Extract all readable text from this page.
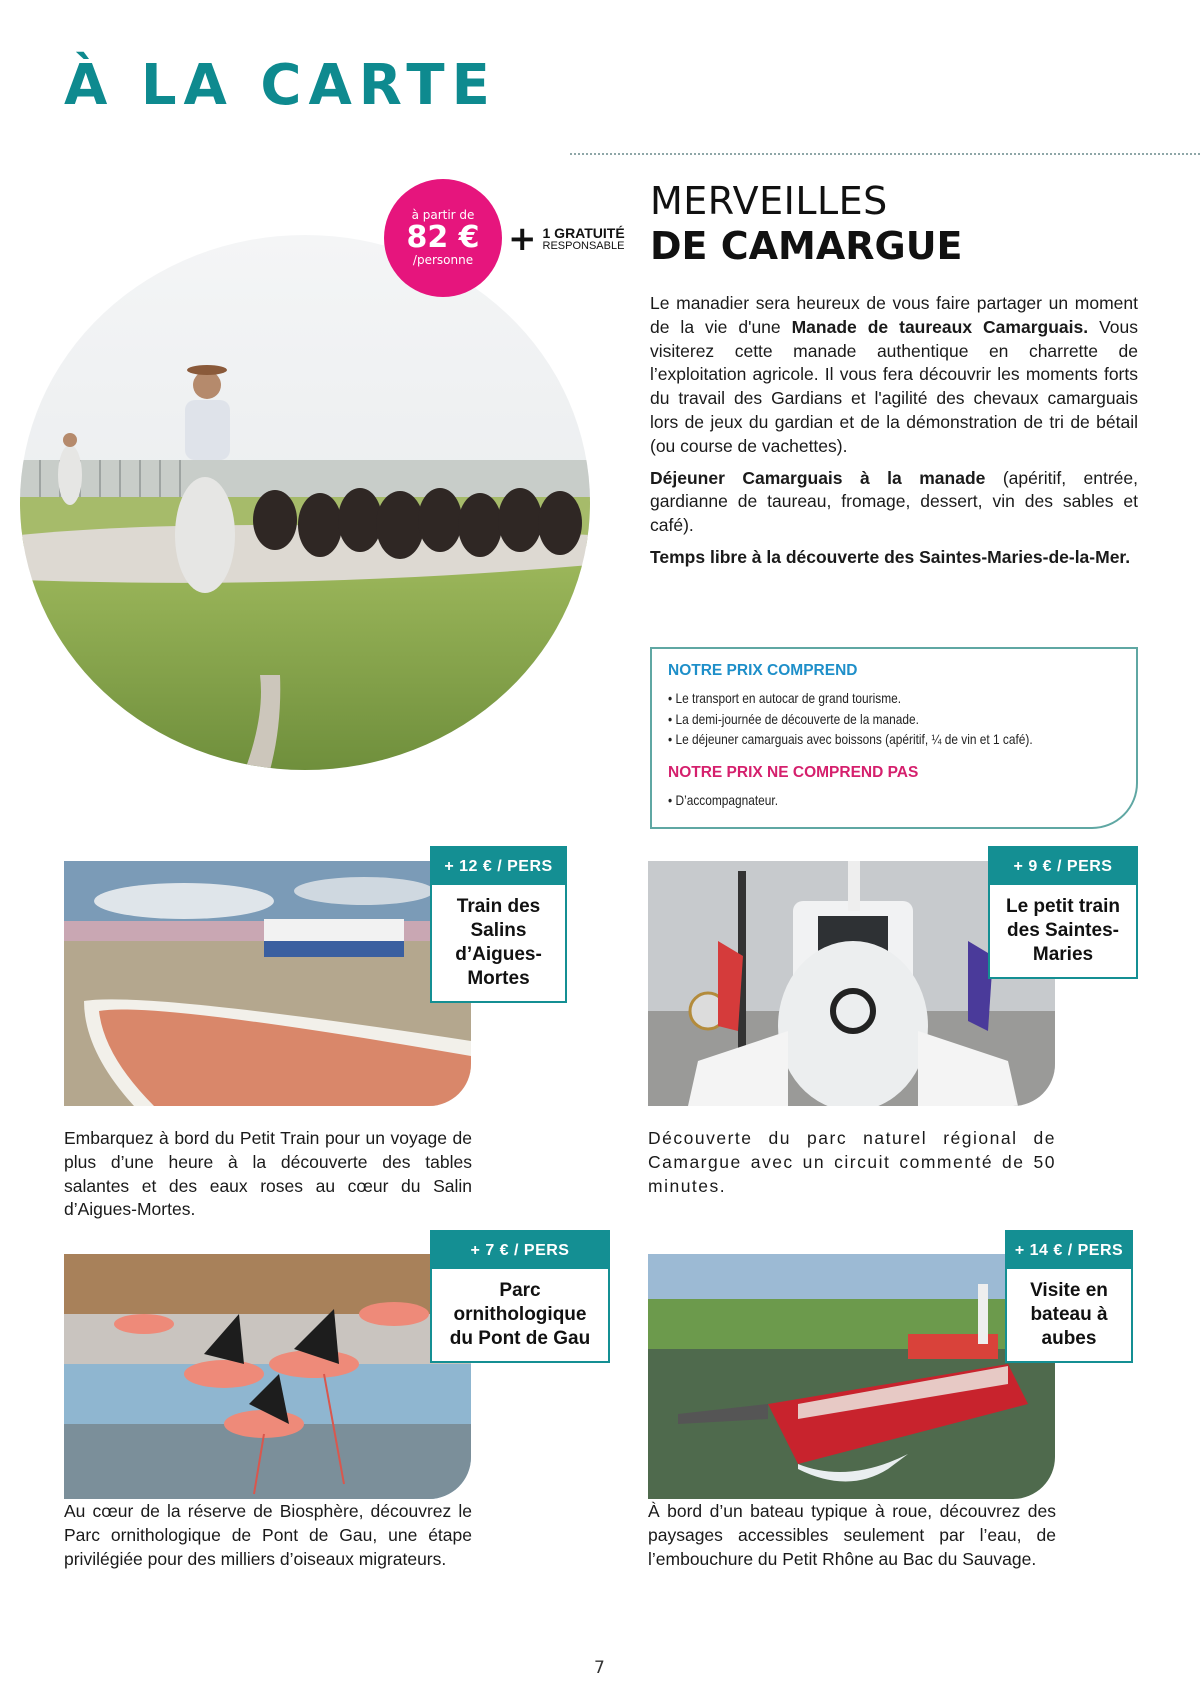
À LA CARTE
à partir de
82 €
/personne
+ 1 GRATUITÉ
RESPONSABLE
MERVEILLES
DE CAMARGUE

Le manadier sera heureux de vous faire partager un moment de la vie d'une Manade de taureaux Camarguais. Vous visiterez cette manade authentique en charrette de l’exploitation agricole. Il vous fera découvrir les moments forts du travail des Gardians et l'agilité des chevaux camarguais lors de jeux du gardian et de la démonstration de tri de bétail (ou course de vachettes).

Déjeuner Camarguais à la manade (apéritif, entrée, gardianne de taureau, fromage, dessert, vin des sables et café).

Temps libre à la découverte des Saintes-Maries-de-la-Mer.

NOTRE PRIX COMPREND
• Le transport en autocar de grand tourisme.
• La demi-journée de découverte de la manade.
• Le déjeuner camarguais avec boissons (apéritif, ¼ de vin et 1 café).
NOTRE PRIX NE COMPREND PAS
• D’accompagnateur.
+ 12 € / PERS
Train des Salins d’Aigues-Mortes
Embarquez à bord du Petit Train pour un voyage de plus d’une heure à la découverte des tables salantes et des eaux roses au cœur du Salin d’Aigues-Mortes.
+ 9 € / PERS
Le petit train des Saintes-Maries
Découverte du parc naturel régional de Camargue avec un circuit commenté de 50 minutes.
+ 7 € / PERS
Parc ornithologique du Pont de Gau
Au cœur de la réserve de Biosphère, découvrez le Parc ornithologique de Pont de Gau, une étape privilégiée pour des milliers d’oiseaux migrateurs.
+ 14 € / PERS
Visite en bateau à aubes
À bord d’un bateau typique à roue, découvrez des paysages accessibles seulement par l’eau, de l’embouchure du Petit Rhône au Bac du Sauvage.
7
